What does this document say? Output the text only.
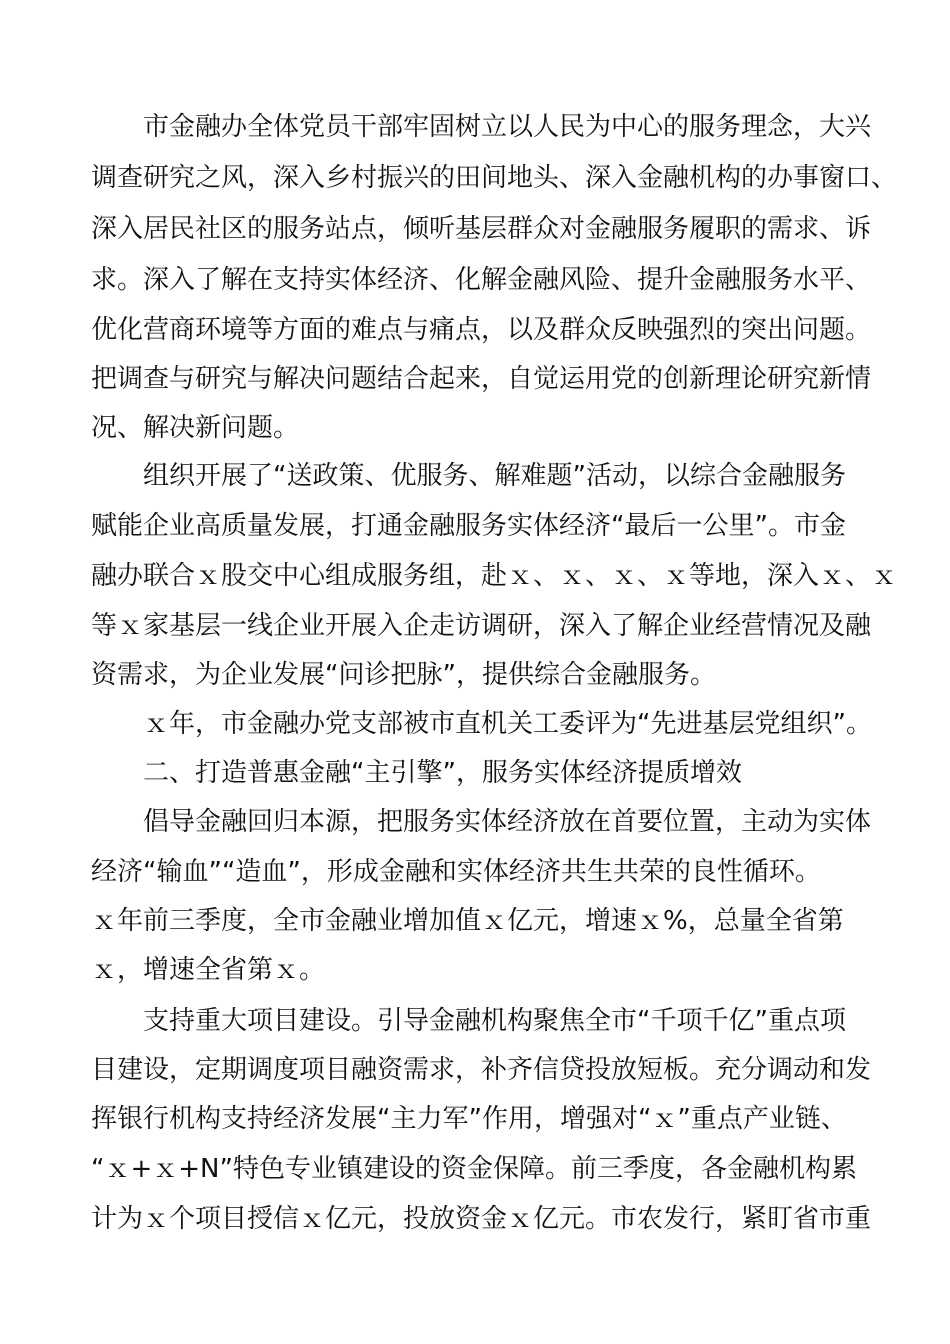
市金融办全体党员干部牢固树立以人民为中心的服务理念，大兴
调查研究之风，深入乡村振兴的田间地头、深入金融机构的办事窗口、
深入居民社区的服务站点，倾听基层群众对金融服务履职的需求、诉
求。深入了解在支持实体经济、化解金融风险、提升金融服务水平、
优化营商环境等方面的难点与痛点，以及群众反映强烈的突出问题。
把调查与研究与解决问题结合起来，自觉运用党的创新理论研究新情
况、解决新问题。
组织开展了“送政策、优服务、解难题”活动，以综合金融服务
赋能企业高质量发展，打通金融服务实体经济“最后一公里”。市金
融办联合ｘ股交中心组成服务组，赴ｘ、ｘ、ｘ、ｘ等地，深入ｘ、ｘ
等ｘ家基层一线企业开展入企走访调研，深入了解企业经营情况及融
资需求，为企业发展“问诊把脉”，提供综合金融服务。
ｘ年，市金融办党支部被市直机关工委评为“先进基层党组织”。
二、打造普惠金融“主引擎”，服务实体经济提质增效
倡导金融回归本源，把服务实体经济放在首要位置，主动为实体
经济“输血”“造血”，形成金融和实体经济共生共荣的良性循环。
ｘ年前三季度，全市金融业增加值ｘ亿元，增速ｘ%，总量全省第
ｘ，增速全省第ｘ。
支持重大项目建设。引导金融机构聚焦全市“千项千亿”重点项
目建设，定期调度项目融资需求，补齐信贷投放短板。充分调动和发
挥银行机构支持经济发展“主力军”作用，增强对“ｘ”重点产业链、
“ｘ+ｘ+N”特色专业镇建设的资金保障。前三季度，各金融机构累
计为ｘ个项目授信ｘ亿元，投放资金ｘ亿元。市农发行，紧盯省市重
